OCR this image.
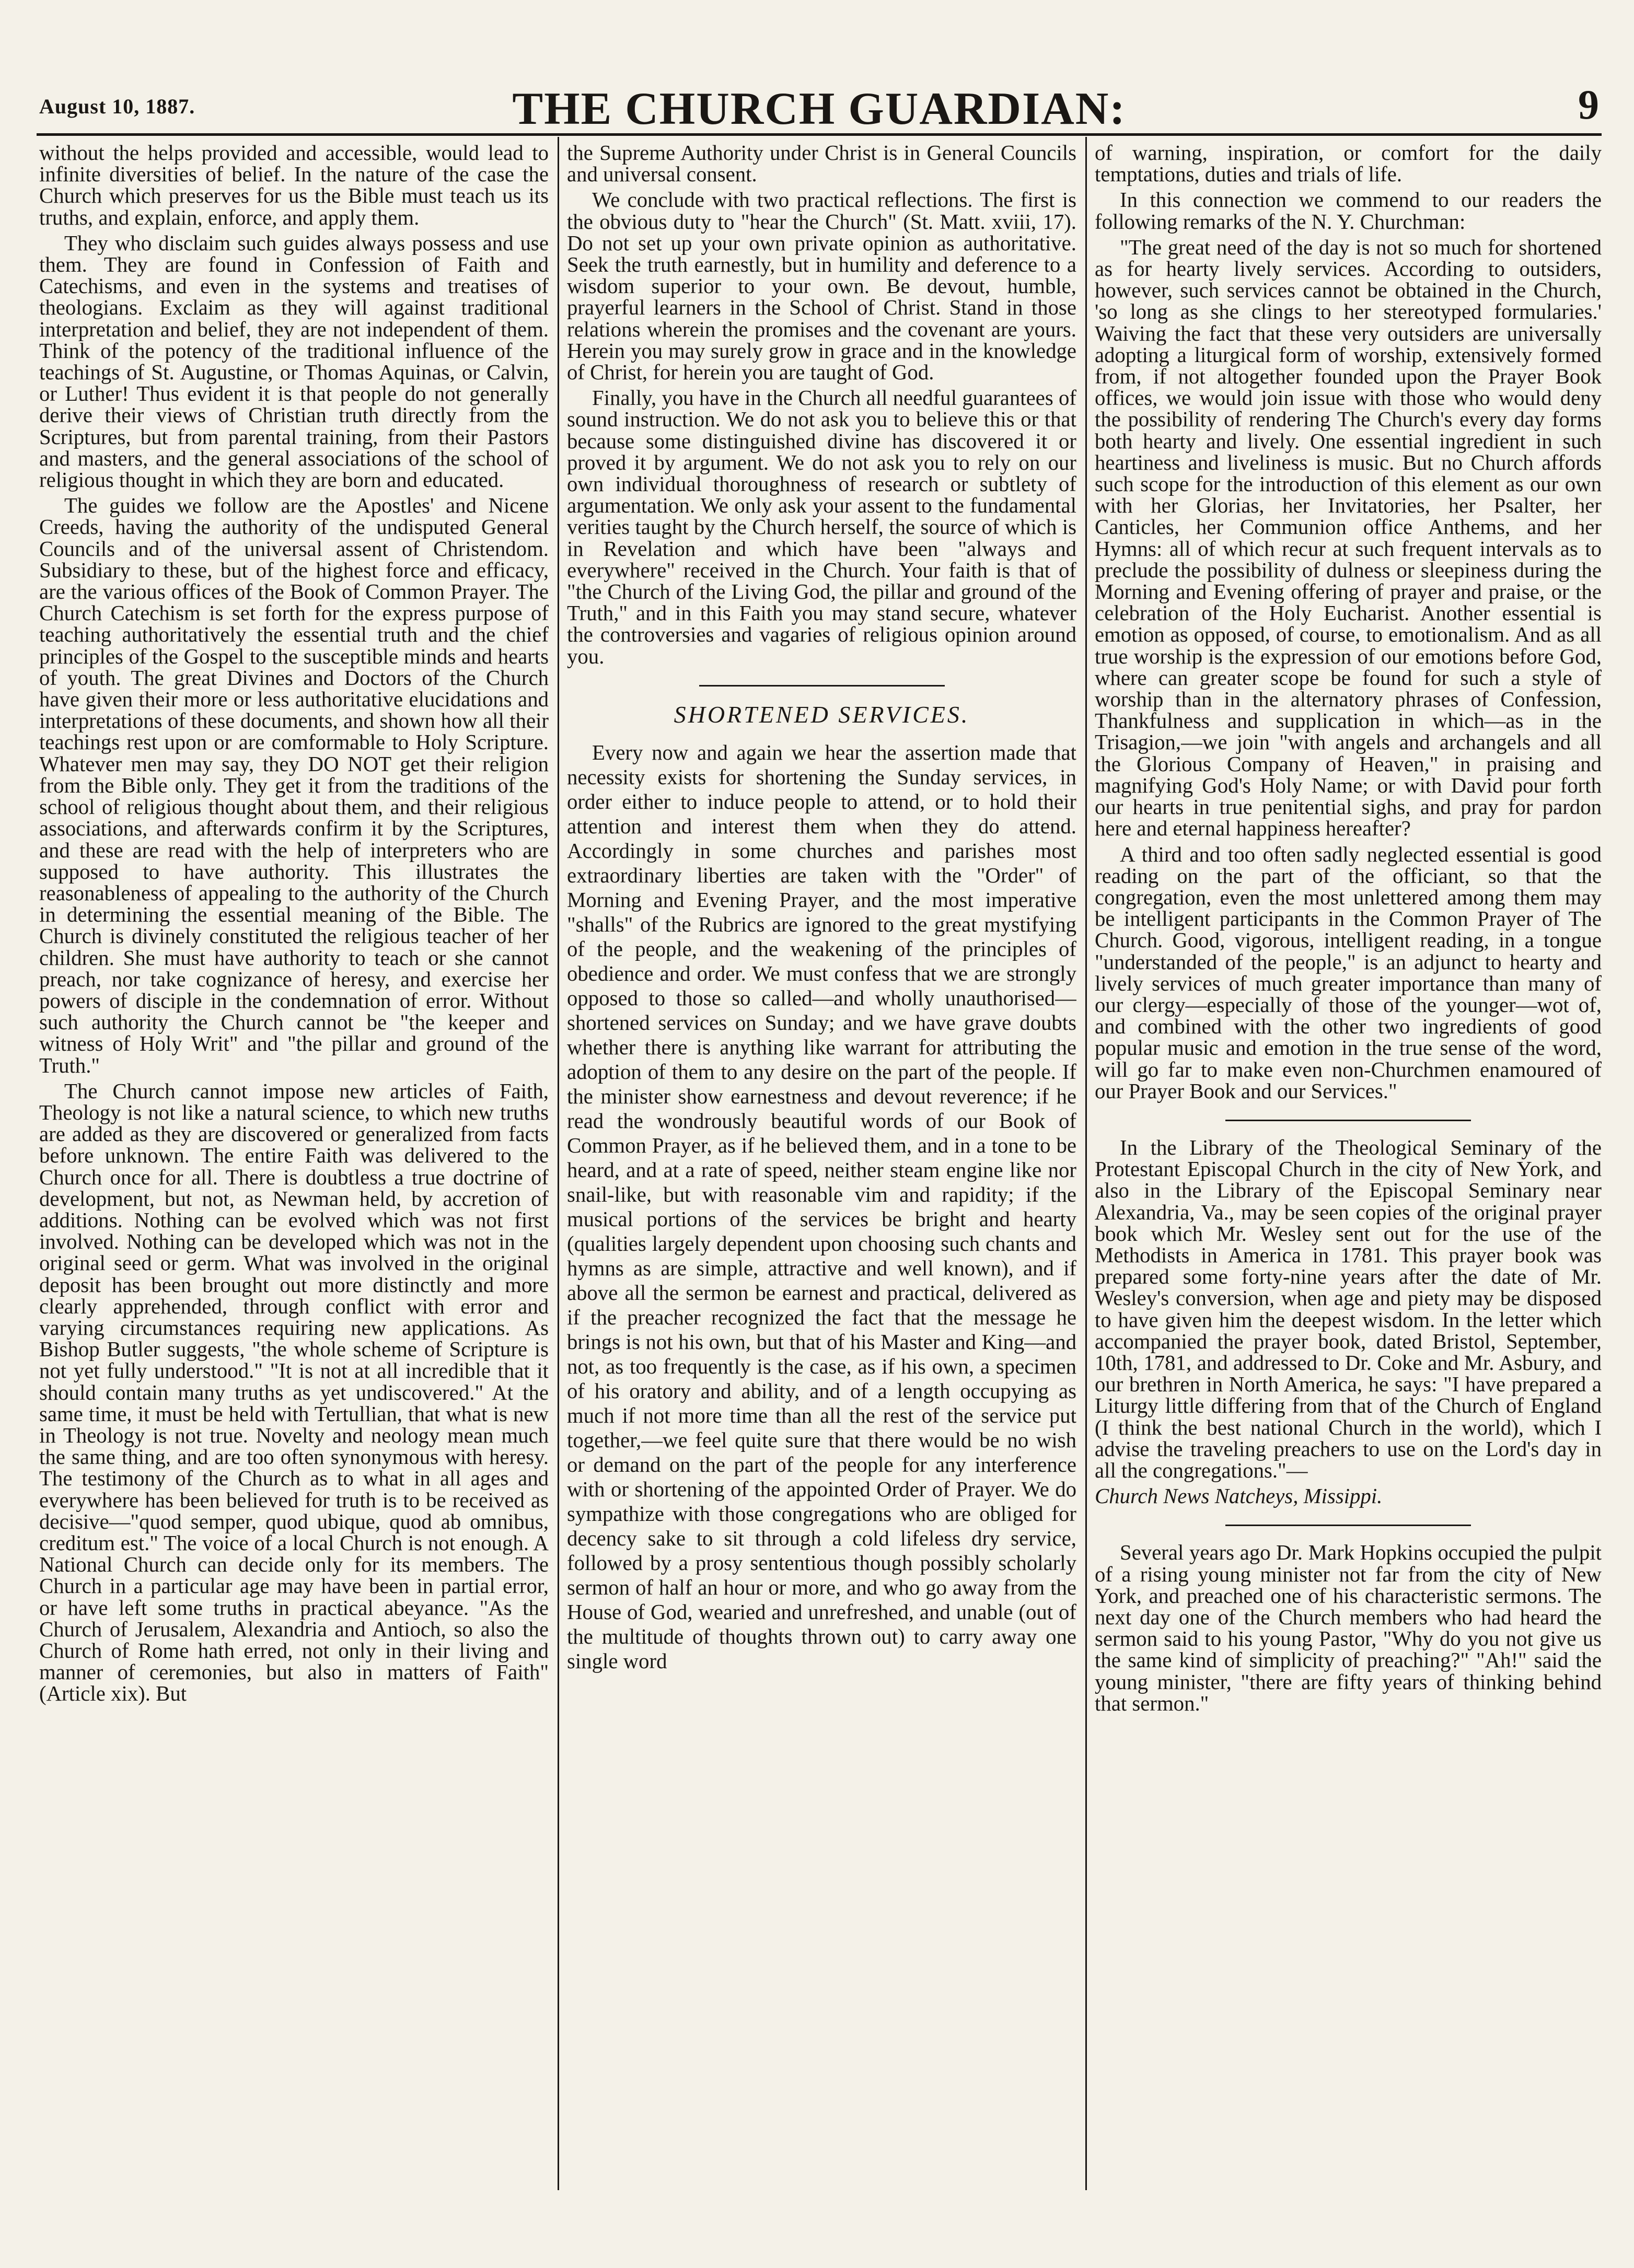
August 10, 1887.	THE CHURCH GUARDIAN:	9

without the helps provided and accessible, would lead to infinite diversities of belief. In the nature of the case the Church which preserves for us the Bible must teach us its truths, and explain, enforce, and apply them.

They who disclaim such guides always possess and use them. They are found in Confession of Faith and Catechisms, and even in the systems and treatises of theologians. Exclaim as they will against traditional interpretation and belief, they are not independent of them. Think of the potency of the traditional influence of the teachings of St. Augustine, or Thomas Aquinas, or Calvin, or Luther! Thus evident it is that people do not generally derive their views of Christian truth directly from the Scriptures, but from parental training, from their Pastors and masters, and the general associations of the school of religious thought in which they are born and educated.

The guides we follow are the Apostles' and Nicene Creeds, having the authority of the undisputed General Councils and of the universal assent of Christendom. Subsidiary to these, but of the highest force and efficacy, are the various offices of the Book of Common Prayer. The Church Catechism is set forth for the express purpose of teaching authoritatively the essential truth and the chief principles of the Gospel to the susceptible minds and hearts of youth. The great Divines and Doctors of the Church have given their more or less authoritative elucidations and interpretations of these documents, and shown how all their teachings rest upon or are comformable to Holy Scripture. Whatever men may say, they DO NOT get their religion from the Bible only. They get it from the traditions of the school of religious thought about them, and their religious associations, and afterwards confirm it by the Scriptures, and these are read with the help of interpreters who are supposed to have authority. This illustrates the reasonableness of appealing to the authority of the Church in determining the essential meaning of the Bible. The Church is divinely constituted the religious teacher of her children. She must have authority to teach or she cannot preach, nor take cognizance of heresy, and exercise her powers of disciple in the condemnation of error. Without such authority the Church cannot be "the keeper and witness of Holy Writ" and "the pillar and ground of the Truth."

The Church cannot impose new articles of Faith, Theology is not like a natural science, to which new truths are added as they are discovered or generalized from facts before unknown. The entire Faith was delivered to the Church once for all. There is doubtless a true doctrine of development, but not, as Newman held, by accretion of additions. Nothing can be evolved which was not first involved. Nothing can be developed which was not in the original seed or germ. What was involved in the original deposit has been brought out more distinctly and more clearly apprehended, through conflict with error and varying circumstances requiring new applications. As Bishop Butler suggests, "the whole scheme of Scripture is not yet fully understood." "It is not at all incredible that it should contain many truths as yet undiscovered." At the same time, it must be held with Tertullian, that what is new in Theology is not true. Novelty and neology mean much the same thing, and are too often synonymous with heresy. The testimony of the Church as to what in all ages and everywhere has been believed for truth is to be received as decisive—"quod semper, quod ubique, quod ab omnibus, creditum est." The voice of a local Church is not enough. A National Church can decide only for its members. The Church in a particular age may have been in partial error, or have left some truths in practical abeyance. "As the Church of Jerusalem, Alexandria and Antioch, so also the Church of Rome hath erred, not only in their living and manner of ceremonies, but also in matters of Faith" (Article xix). But

the Supreme Authority under Christ is in General Councils and universal consent.

We conclude with two practical reflections. The first is the obvious duty to "hear the Church" (St. Matt. xviii, 17). Do not set up your own private opinion as authoritative. Seek the truth earnestly, but in humility and deference to a wisdom superior to your own. Be devout, humble, prayerful learners in the School of Christ. Stand in those relations wherein the promises and the covenant are yours. Herein you may surely grow in grace and in the knowledge of Christ, for herein you are taught of God.

Finally, you have in the Church all needful guarantees of sound instruction. We do not ask you to believe this or that because some distinguished divine has discovered it or proved it by argument. We do not ask you to rely on our own individual thoroughness of research or subtlety of argumentation. We only ask your assent to the fundamental verities taught by the Church herself, the source of which is in Revelation and which have been "always and everywhere" received in the Church. Your faith is that of "the Church of the Living God, the pillar and ground of the Truth," and in this Faith you may stand secure, whatever the controversies and vagaries of religious opinion around you.

SHORTENED SERVICES.

Every now and again we hear the assertion made that necessity exists for shortening the Sunday services, in order either to induce people to attend, or to hold their attention and interest them when they do attend. Accordingly in some churches and parishes most extraordinary liberties are taken with the "Order" of Morning and Evening Prayer, and the most imperative "shalls" of the Rubrics are ignored to the great mystifying of the people, and the weakening of the principles of obedience and order. We must confess that we are strongly opposed to those so called—and wholly unauthorised—shortened services on Sunday; and we have grave doubts whether there is anything like warrant for attributing the adoption of them to any desire on the part of the people. If the minister show earnestness and devout reverence; if he read the wondrously beautiful words of our Book of Common Prayer, as if he believed them, and in a tone to be heard, and at a rate of speed, neither steam engine like nor snail-like, but with reasonable vim and rapidity; if the musical portions of the services be bright and hearty (qualities largely dependent upon choosing such chants and hymns as are simple, attractive and well known), and if above all the sermon be earnest and practical, delivered as if the preacher recognized the fact that the message he brings is not his own, but that of his Master and King—and not, as too frequently is the case, as if his own, a specimen of his oratory and ability, and of a length occupying as much if not more time than all the rest of the service put together,—we feel quite sure that there would be no wish or demand on the part of the people for any interference with or shortening of the appointed Order of Prayer. We do sympathize with those congregations who are obliged for decency sake to sit through a cold lifeless dry service, followed by a prosy sententious though possibly scholarly sermon of half an hour or more, and who go away from the House of God, wearied and unrefreshed, and unable (out of the multitude of thoughts thrown out) to carry away one single word

of warning, inspiration, or comfort for the daily temptations, duties and trials of life.

In this connection we commend to our readers the following remarks of the N. Y. Churchman:

"The great need of the day is not so much for shortened as for hearty lively services. According to outsiders, however, such services cannot be obtained in the Church, 'so long as she clings to her stereotyped formularies.' Waiving the fact that these very outsiders are universally adopting a liturgical form of worship, extensively formed from, if not altogether founded upon the Prayer Book offices, we would join issue with those who would deny the possibility of rendering The Church's every day forms both hearty and lively. One essential ingredient in such heartiness and liveliness is music. But no Church affords such scope for the introduction of this element as our own with her Glorias, her Invitatories, her Psalter, her Canticles, her Communion office Anthems, and her Hymns: all of which recur at such frequent intervals as to preclude the possibility of dulness or sleepiness during the Morning and Evening offering of prayer and praise, or the celebration of the Holy Eucharist. Another essential is emotion as opposed, of course, to emotionalism. And as all true worship is the expression of our emotions before God, where can greater scope be found for such a style of worship than in the alternatory phrases of Confession, Thankfulness and supplication in which—as in the Trisagion,—we join "with angels and archangels and all the Glorious Company of Heaven," in praising and magnifying God's Holy Name; or with David pour forth our hearts in true penitential sighs, and pray for pardon here and eternal happiness hereafter?

A third and too often sadly neglected essential is good reading on the part of the officiant, so that the congregation, even the most unlettered among them may be intelligent participants in the Common Prayer of The Church. Good, vigorous, intelligent reading, in a tongue "understanded of the people," is an adjunct to hearty and lively services of much greater importance than many of our clergy—especially of those of the younger—wot of, and combined with the other two ingredients of good popular music and emotion in the true sense of the word, will go far to make even non-Churchmen enamoured of our Prayer Book and our Services."

In the Library of the Theological Seminary of the Protestant Episcopal Church in the city of New York, and also in the Library of the Episcopal Seminary near Alexandria, Va., may be seen copies of the original prayer book which Mr. Wesley sent out for the use of the Methodists in America in 1781. This prayer book was prepared some forty-nine years after the date of Mr. Wesley's conversion, when age and piety may be disposed to have given him the deepest wisdom. In the letter which accompanied the prayer book, dated Bristol, September, 10th, 1781, and addressed to Dr. Coke and Mr. Asbury, and our brethren in North America, he says: "I have prepared a Liturgy little differing from that of the Church of England (I think the best national Church in the world), which I advise the traveling preachers to use on the Lord's day in all the congregations."—

Church News Natcheys, Missippi.

Several years ago Dr. Mark Hopkins occupied the pulpit of a rising young minister not far from the city of New York, and preached one of his characteristic sermons. The next day one of the Church members who had heard the sermon said to his young Pastor, "Why do you not give us the same kind of simplicity of preaching?" "Ah!" said the young minister, "there are fifty years of thinking behind that sermon."
